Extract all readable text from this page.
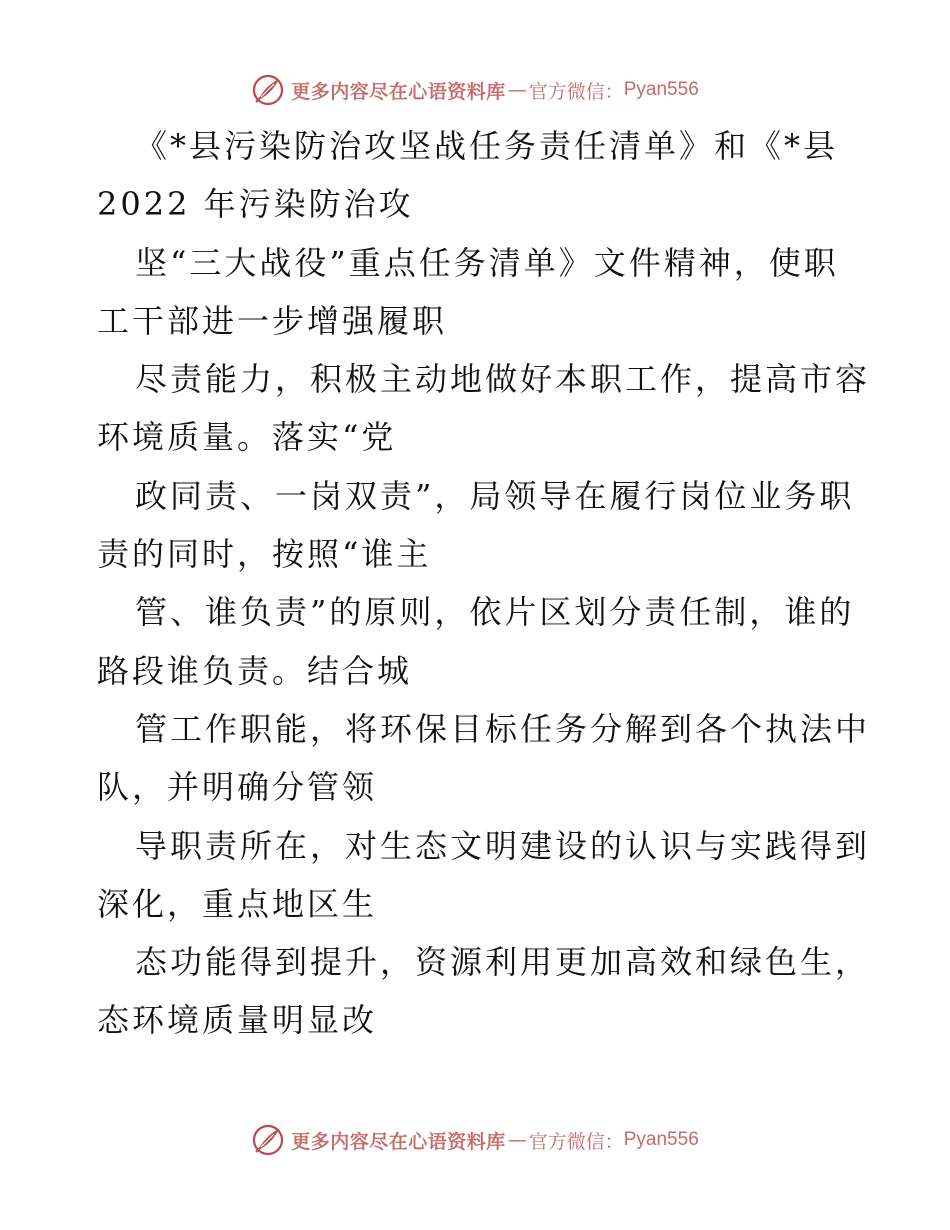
更多内容尽在心语资料库 — 官方微信： Pyan556
《*县污染防治攻坚战任务责任清单》和《*县
2022 年污染防治攻
坚“三大战役”重点任务清单》文件精神，使职
工干部进一步增强履职
尽责能力，积极主动地做好本职工作，提高市容
环境质量。落实“党
政同责、一岗双责”，局领导在履行岗位业务职
责的同时，按照“谁主
管、谁负责”的原则，依片区划分责任制，谁的
路段谁负责。结合城
管工作职能，将环保目标任务分解到各个执法中
队，并明确分管领
导职责所在，对生态文明建设的认识与实践得到
深化，重点地区生
态功能得到提升，资源利用更加高效和绿色生，
态环境质量明显改
更多内容尽在心语资料库 — 官方微信： Pyan556
